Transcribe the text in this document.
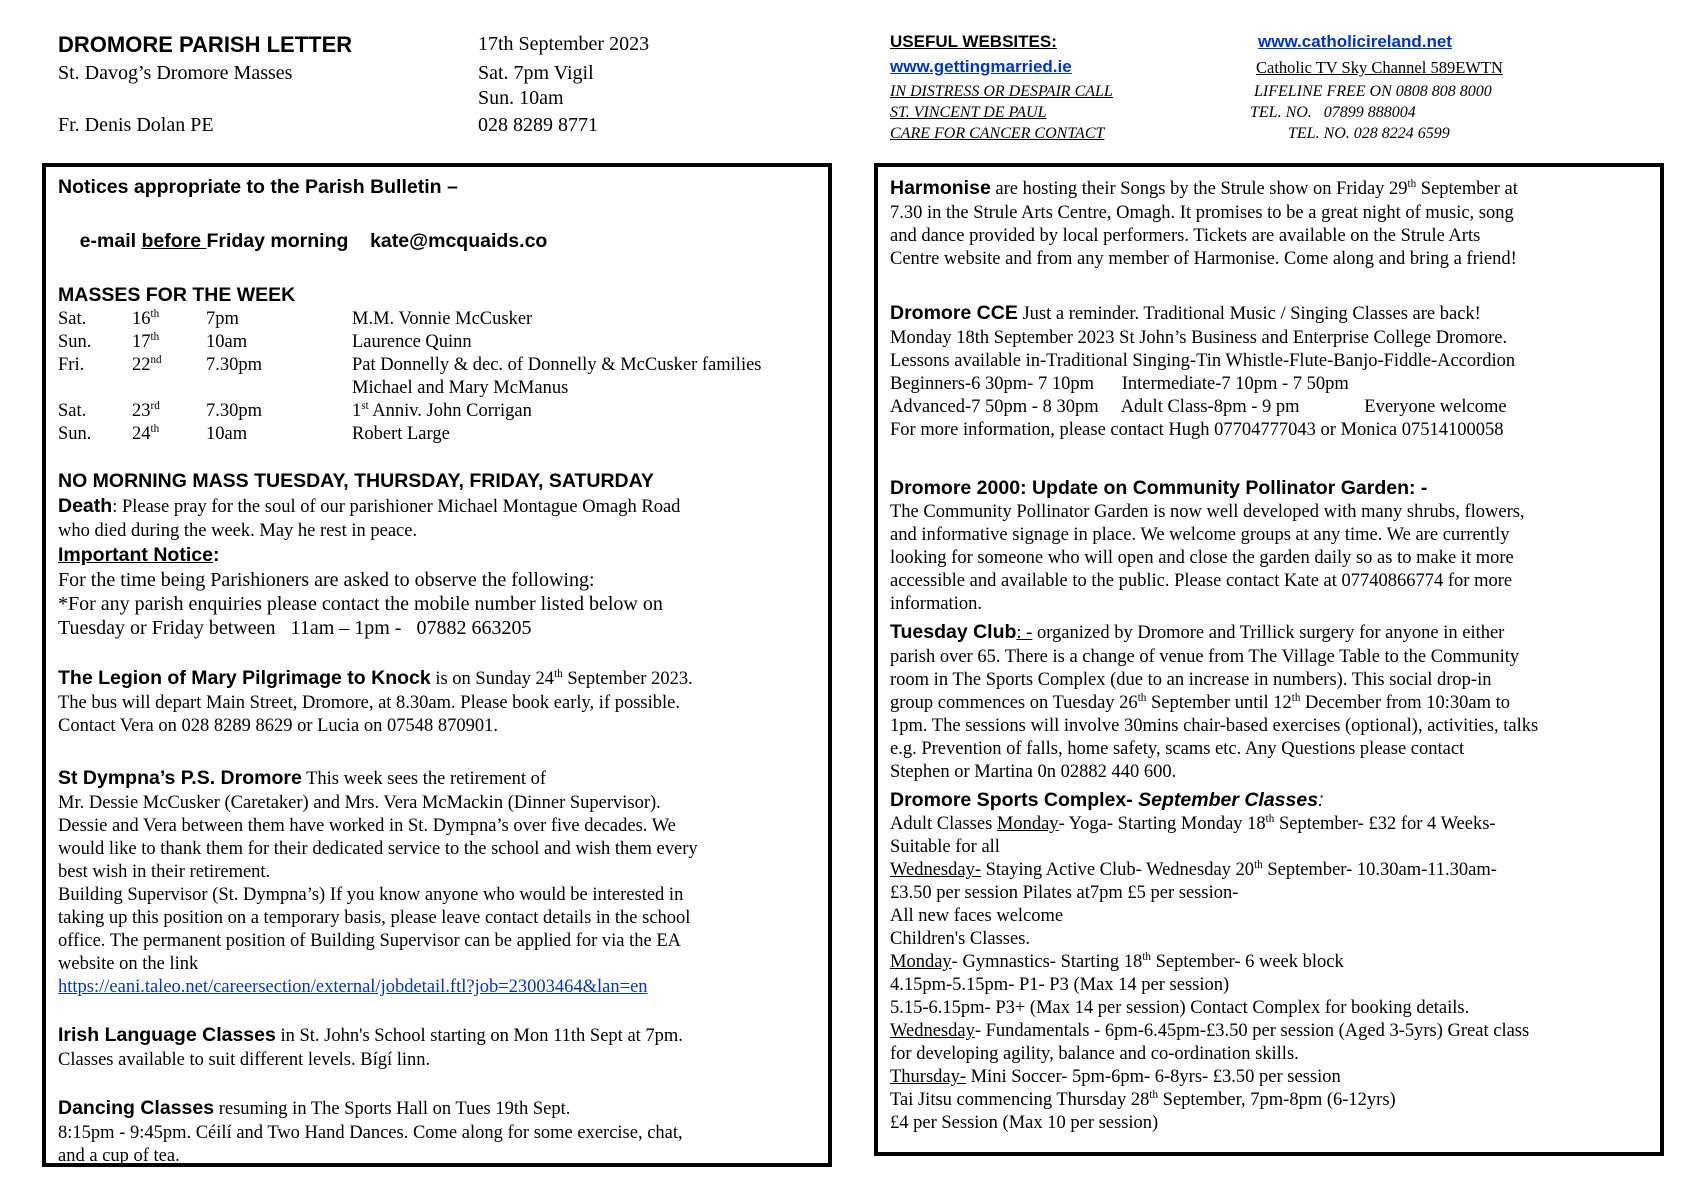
DROMORE PARISH LETTER	17th September 2023
St. Davog’s Dromore Masses	Sat. 7pm Vigil
Sun. 10am
Fr. Denis Dolan PE	028 8289 8771
USEFUL WEBSITES:	www.catholicireland.net
www.gettingmarried.ie	Catholic TV Sky Channel 589EWTN
IN DISTRESS OR DESPAIR CALL	LIFELINE FREE ON 0808 808 8000
ST. VINCENT DE PAUL	TEL. NO.   07899 888004
CARE FOR CANCER CONTACT	TEL. NO. 028 8224 6599

Notices appropriate to the Parish Bulletin –

e-mail before Friday morning    kate@mcquaids.co

MASSES FOR THE WEEK

Sat.	16th	7pm	M.M. Vonnie McCusker
Sun.	17th	10am	Laurence Quinn
Fri.	22nd	7.30pm	Pat Donnelly & dec. of Donnelly & McCusker families
			Michael and Mary McManus
Sat.	23rd	7.30pm	1st Anniv. John Corrigan
Sun.	24th	10am	Robert Large

NO MORNING MASS TUESDAY, THURSDAY, FRIDAY, SATURDAY

Death: Please pray for the soul of our parishioner Michael Montague Omagh Road

who died during the week. May he rest in peace.

Important Notice:

For the time being Parishioners are asked to observe the following:

*For any parish enquiries please contact the mobile number listed below on

Tuesday or Friday between   11am – 1pm -   07882 663205

The Legion of Mary Pilgrimage to Knock is on Sunday 24th September 2023.

The bus will depart Main Street, Dromore, at 8.30am. Please book early, if possible.

Contact Vera on 028 8289 8629 or Lucia on 07548 870901.

St Dympna’s P.S. Dromore This week sees the retirement of

Mr. Dessie McCusker (Caretaker) and Mrs. Vera McMackin (Dinner Supervisor).

Dessie and Vera between them have worked in St. Dympna’s over five decades. We

would like to thank them for their dedicated service to the school and wish them every

best wish in their retirement.

Building Supervisor (St. Dympna’s) If you know anyone who would be interested in

taking up this position on a temporary basis, please leave contact details in the school

office. The permanent position of Building Supervisor can be applied for via the EA

website on the link

https://eani.taleo.net/careersection/external/jobdetail.ftl?job=23003464&lan=en

Irish Language Classes in St. John's School starting on Mon 11th Sept at 7pm.

Classes available to suit different levels. Bígí linn.

Dancing Classes resuming in The Sports Hall on Tues 19th Sept.

8:15pm - 9:45pm. Céilí and Two Hand Dances. Come along for some exercise, chat,

and a cup of tea.

Harmonise are hosting their Songs by the Strule show on Friday 29th September at

7.30 in the Strule Arts Centre, Omagh. It promises to be a great night of music, song

and dance provided by local performers. Tickets are available on the Strule Arts

Centre website and from any member of Harmonise. Come along and bring a friend!

Dromore CCE Just a reminder. Traditional Music / Singing Classes are back!

Monday 18th September 2023 St John’s Business and Enterprise College Dromore.

Lessons available in-Traditional Singing-Tin Whistle-Flute-Banjo-Fiddle-Accordion

Beginners-6 30pm- 7 10pm      Intermediate-7 10pm - 7 50pm

Advanced-7 50pm - 8 30pm     Adult Class-8pm - 9 pm              Everyone welcome

For more information, please contact Hugh 07704777043 or Monica 07514100058

Dromore 2000: Update on Community Pollinator Garden: -

The Community Pollinator Garden is now well developed with many shrubs, flowers,

and informative signage in place. We welcome groups at any time. We are currently

looking for someone who will open and close the garden daily so as to make it more

accessible and available to the public. Please contact Kate at 07740866774 for more

information.

Tuesday Club: - organized by Dromore and Trillick surgery for anyone in either

parish over 65. There is a change of venue from The Village Table to the Community

room in The Sports Complex (due to an increase in numbers). This social drop-in

group commences on Tuesday 26th September until 12th December from 10:30am to

1pm. The sessions will involve 30mins chair-based exercises (optional), activities, talks

e.g. Prevention of falls, home safety, scams etc. Any Questions please contact

Stephen or Martina 0n 02882 440 600.

Dromore Sports Complex- September Classes:

Adult Classes Monday- Yoga- Starting Monday 18th September- £32 for 4 Weeks-

Suitable for all

Wednesday- Staying Active Club- Wednesday 20th September- 10.30am-11.30am-

£3.50 per session Pilates at7pm £5 per session-

All new faces welcome

Children's Classes.

Monday- Gymnastics- Starting 18th September- 6 week block

4.15pm-5.15pm- P1- P3 (Max 14 per session)

5.15-6.15pm- P3+ (Max 14 per session) Contact Complex for booking details.

Wednesday- Fundamentals - 6pm-6.45pm-£3.50 per session (Aged 3-5yrs) Great class

for developing agility, balance and co-ordination skills.

Thursday- Mini Soccer- 5pm-6pm- 6-8yrs- £3.50 per session

Tai Jitsu commencing Thursday 28th September, 7pm-8pm (6-12yrs)

£4 per Session (Max 10 per session)
